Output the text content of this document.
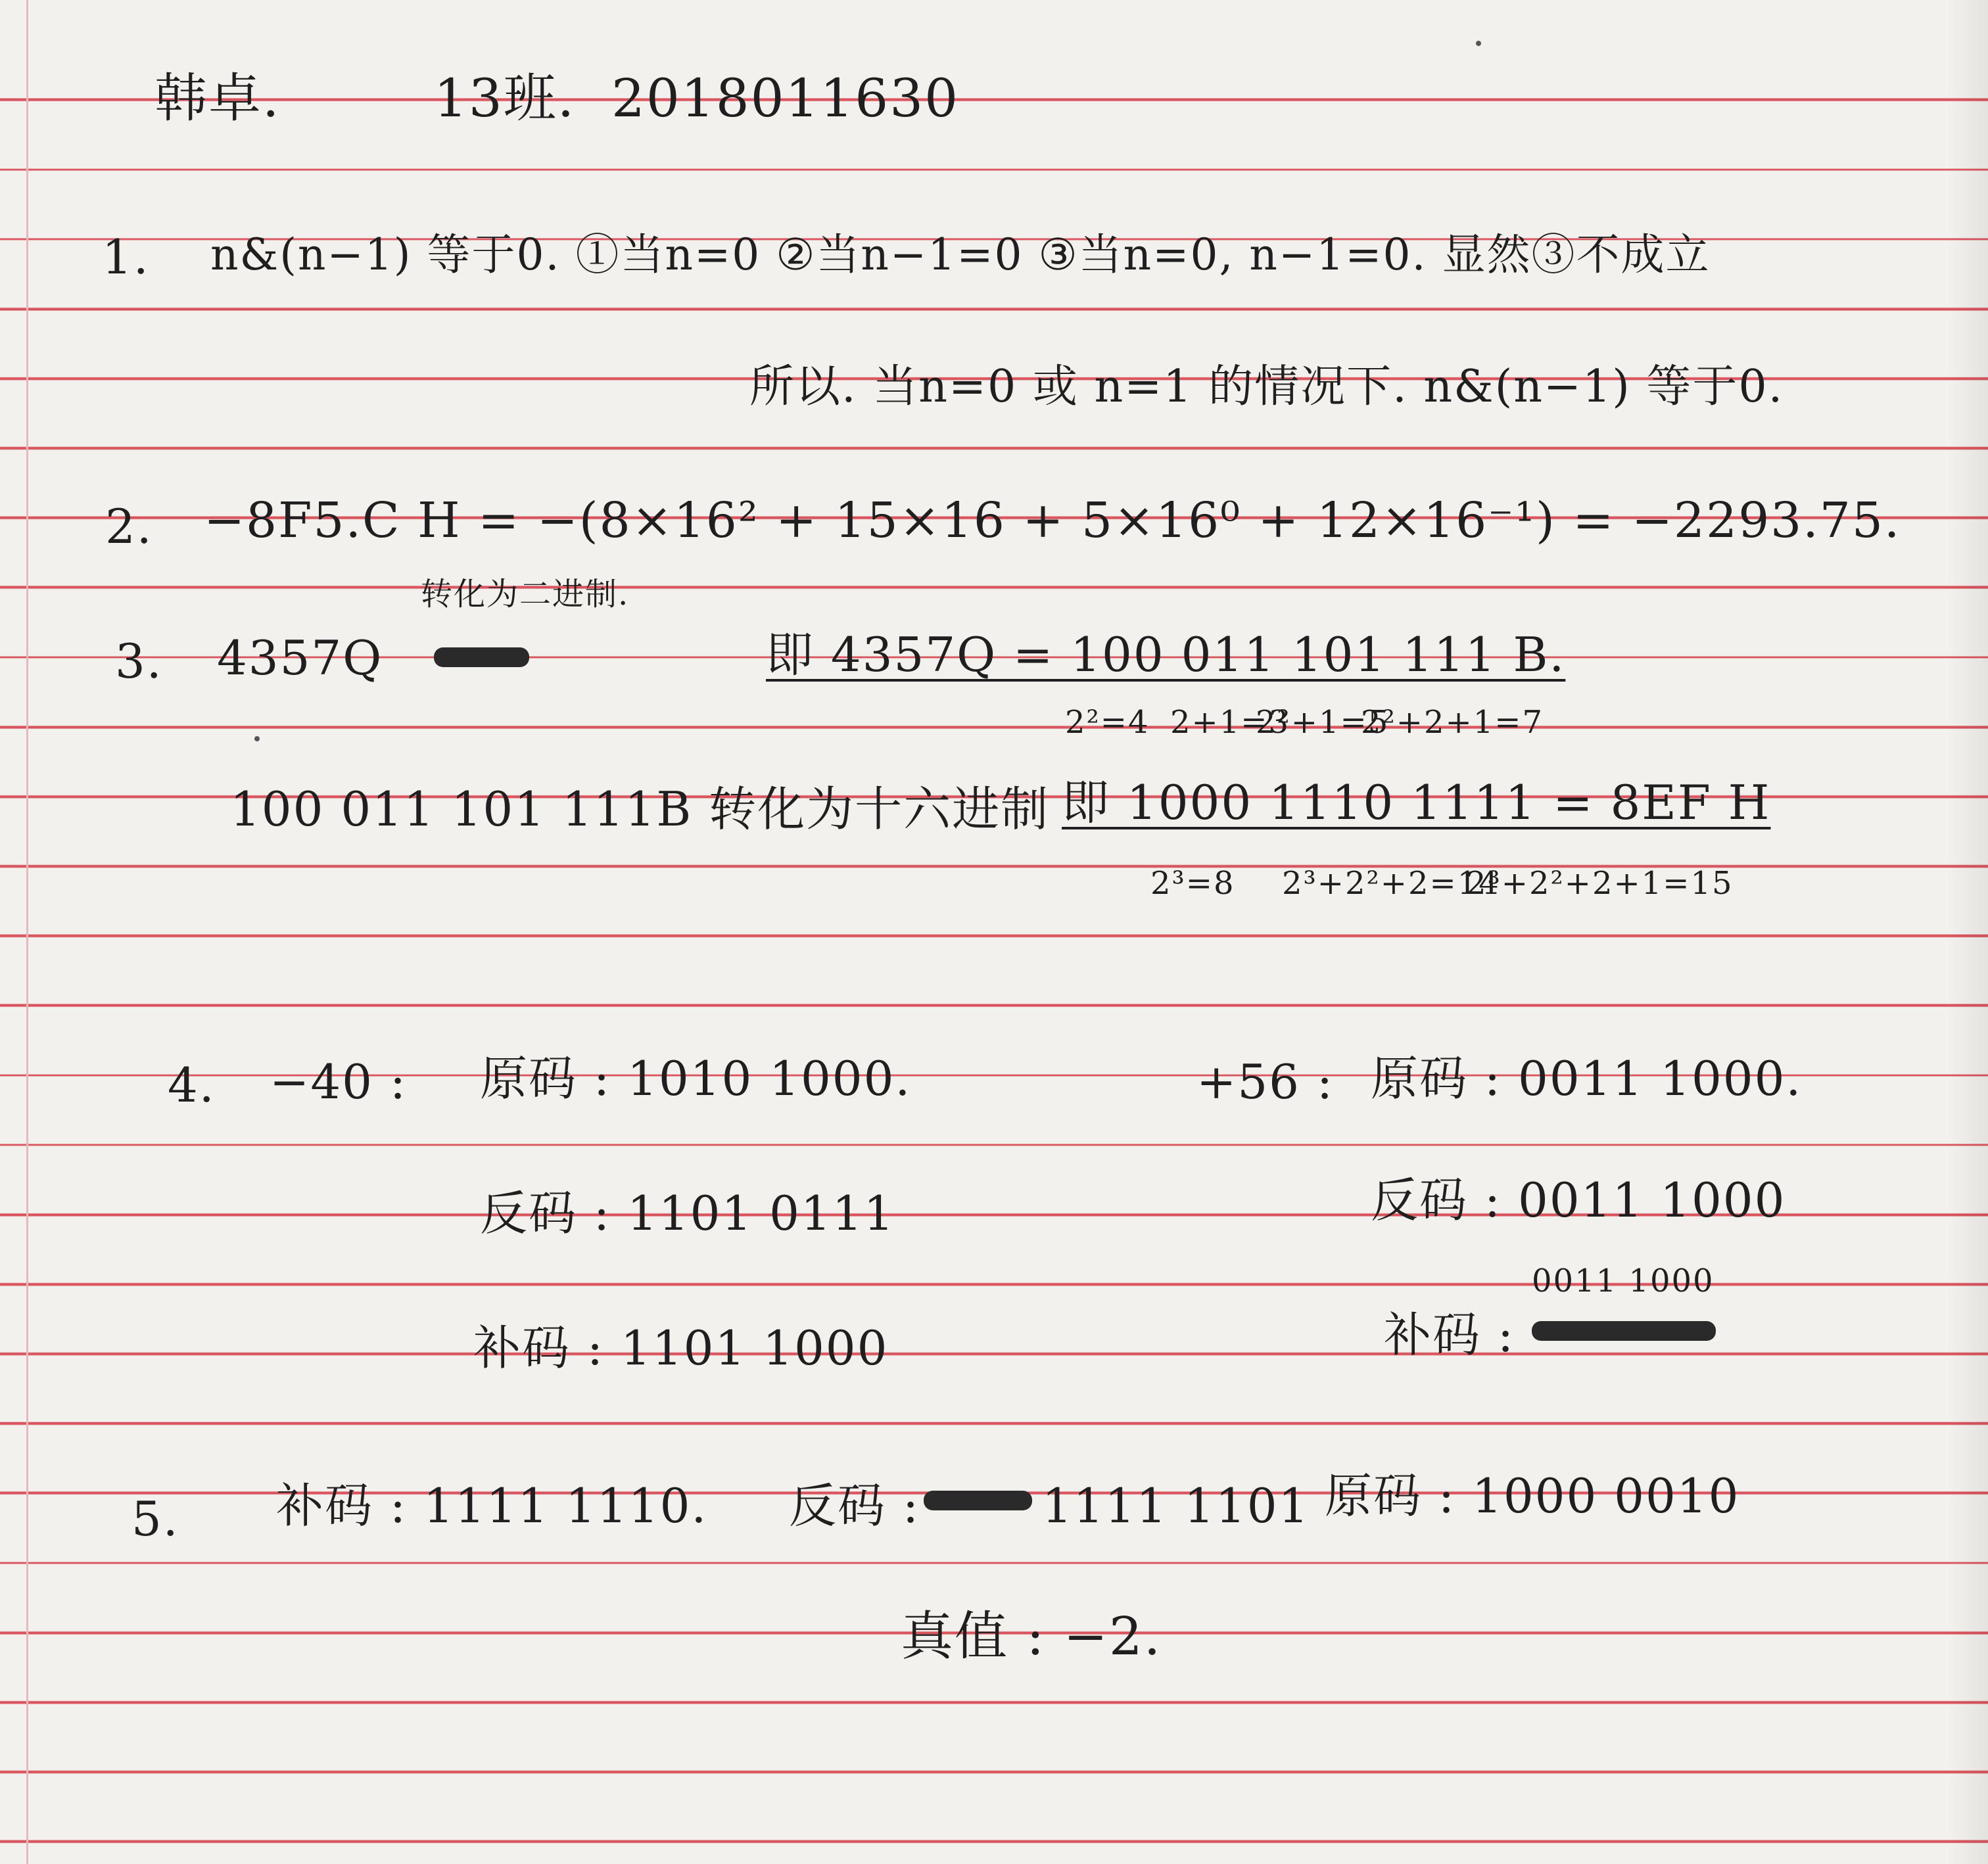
韩卓.	13班. 2018011630
1. n&(n−1) 等于0. ①当n=0 ②当n−1=0 ③当n=0, n−1=0. 显然③不成立
所以. 当n=0 或 n=1 的情况下. n&(n−1) 等于0.
2. −8F5.C H = −(8×16² + 15×16 + 5×16⁰ + 12×16⁻¹) = −2293.75.
转化为二进制.
3. 4357Q	即 4357Q = 100 011 101 111 B.
2²=4 2+1=3
2²+1=5
2²+2+1=7
100 011 101 111B 转化为十六进制 即 1000 1110 1111 = 8EF H
2³=8 2³+2²+2=14
2³+2²+2+1=15
4. −40 : 原码 : 1010 1000.
反码 : 1101 0111
补码 : 1101 1000
+56 : 原码 : 0011 1000.
反码 : 0011 1000
0011 1000
补码 :
5. 补码 : 1111 1110. 反码 :	1111 1101 原码 : 1000 0010
真值 : −2.
